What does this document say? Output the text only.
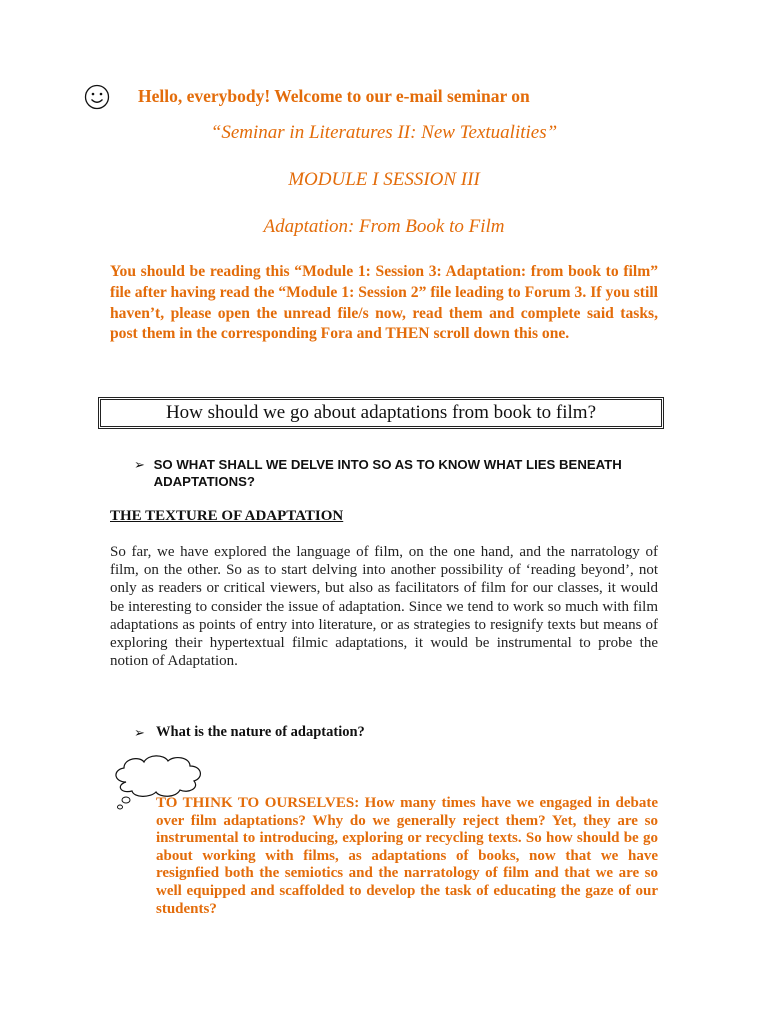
Hello, everybody! Welcome to our e-mail seminar on
“Seminar in Literatures II: New Textualities”
MODULE I SESSION III
Adaptation: From Book to Film
You should be reading this “Module 1: Session 3: Adaptation: from book to film” file after having read the “Module 1: Session 2” file leading to Forum 3. If you still haven’t, please open the unread file/s now, read them and complete said tasks, post them in the corresponding Fora and THEN scroll down this one.
How should we go about adaptations from book to film?
➢ SO WHAT SHALL WE DELVE INTO SO AS TO KNOW WHAT LIES BENEATH ADAPTATIONS?
THE TEXTURE OF ADAPTATION
So far, we have explored the language of film, on the one hand, and the narratology of film, on the other. So as to start delving into another possibility of ‘reading beyond’, not only as readers or critical viewers, but also as facilitators of film for our classes, it would be interesting to consider the issue of adaptation. Since we tend to work so much with film adaptations as points of entry into literature, or as strategies to resignify texts but means of exploring their hypertextual filmic adaptations, it would be instrumental to probe the notion of Adaptation.
➢ What is the nature of adaptation?
TO THINK TO OURSELVES: How many times have we engaged in debate over film adaptations? Why do we generally reject them? Yet, they are so instrumental to introducing, exploring or recycling texts. So how should be go about working with films, as adaptations of books, now that we have resignfied both the semiotics and the narratology of film and that we are so well equipped and scaffolded to develop the task of educating the gaze of our students?
